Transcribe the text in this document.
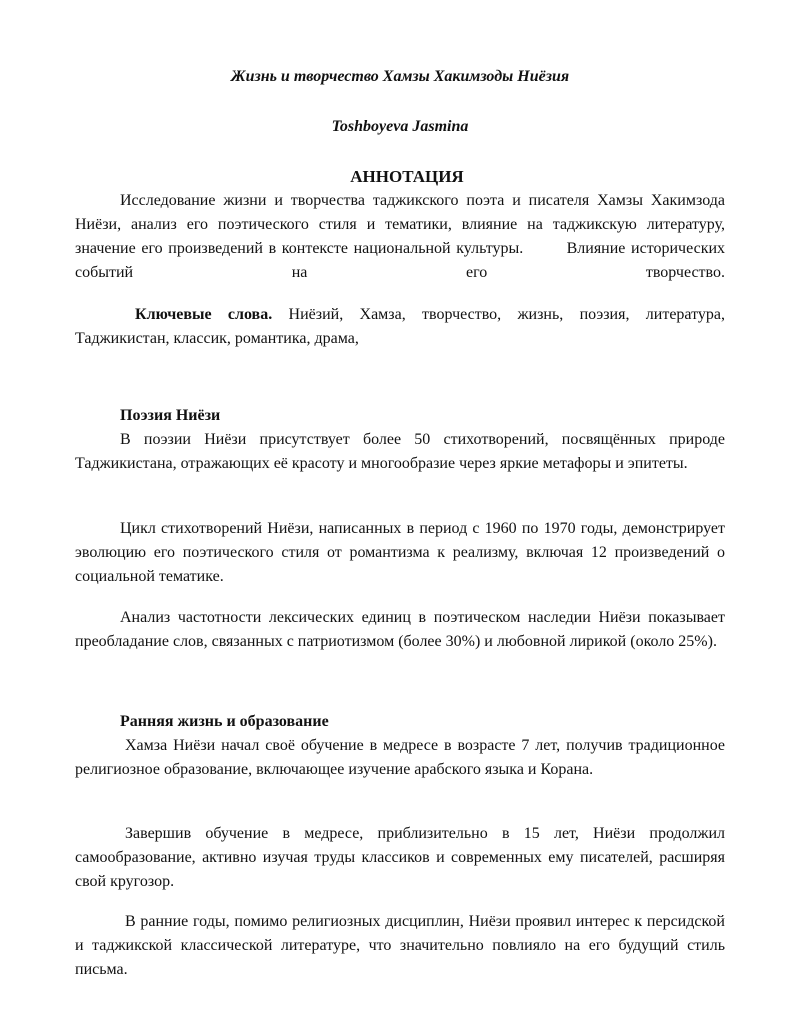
Жизнь и творчество Хамзы Хакимзоды Ниёзия
Toshboyeva Jasmina
АННОТАЦИЯ

Исследование жизни и творчества таджикского поэта и писателя Хамзы Хакимзода Ниёзи, анализ его поэтического стиля и тематики, влияние на таджикскую литературу, значение его произведений в контексте национальной культуры.   	Влияние исторических событий на его творчество.

Ключевые слова. Ниёзий, Хамза, творчество, жизнь, поэзия, литература, Таджикистан, классик, романтика, драма,

Поэзия Ниёзи

В поэзии Ниёзи присутствует более 50 стихотворений, посвящённых природе Таджикистана, отражающих её красоту и многообразие через яркие метафоры и эпитеты.

Цикл стихотворений Ниёзи, написанных в период с 1960 по 1970 годы, демонстрирует эволюцию его поэтического стиля от романтизма к реализму, включая 12 произведений о социальной тематике.

Анализ частотности лексических единиц в поэтическом наследии Ниёзи показывает преобладание слов, связанных с патриотизмом (более 30%) и любовной лирикой (около 25%).

Ранняя жизнь и образование

Хамза Ниёзи начал своё обучение в медресе в возрасте 7 лет, получив традиционное религиозное образование, включающее изучение арабского языка и Корана.

Завершив обучение в медресе, приблизительно в 15 лет, Ниёзи продолжил самообразование, активно изучая труды классиков и современных ему писателей, расширяя свой кругозор.

В ранние годы, помимо религиозных дисциплин, Ниёзи проявил интерес к персидской и таджикской классической литературе, что значительно повлияло на его будущий стиль письма.
